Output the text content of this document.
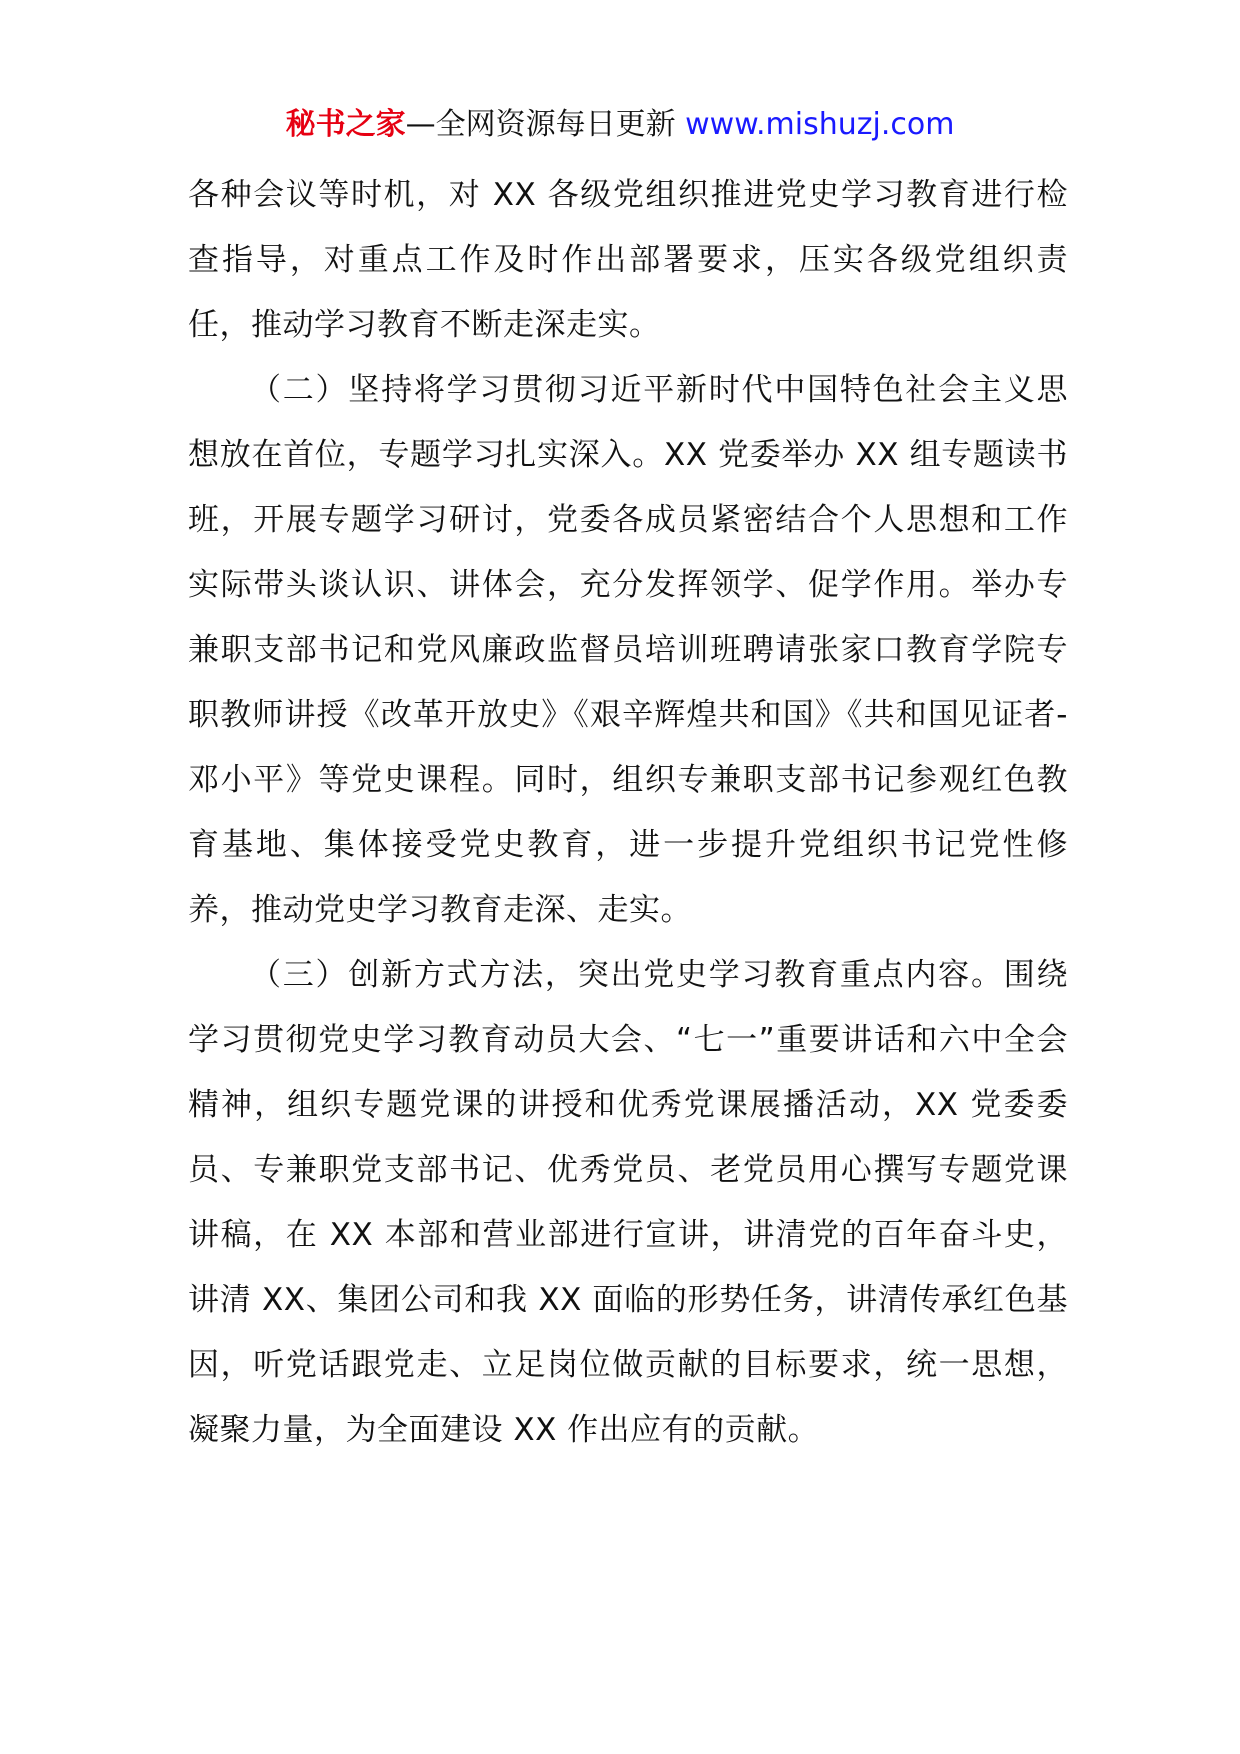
秘书之家—全网资源每日更新 www.mishuzj.com

各种会议等时机，对 XX 各级党组织推进党史学习教育进行检查指导，对重点工作及时作出部署要求，压实各级党组织责任，推动学习教育不断走深走实。

（二）坚持将学习贯彻习近平新时代中国特色社会主义思想放在首位，专题学习扎实深入。XX 党委举办 XX 组专题读书班，开展专题学习研讨，党委各成员紧密结合个人思想和工作实际带头谈认识、讲体会，充分发挥领学、促学作用。举办专兼职支部书记和党风廉政监督员培训班聘请张家口教育学院专职教师讲授《改革开放史》《艰辛辉煌共和国》《共和国见证者-邓小平》等党史课程。同时，组织专兼职支部书记参观红色教育基地、集体接受党史教育，进一步提升党组织书记党性修养，推动党史学习教育走深、走实。

（三）创新方式方法，突出党史学习教育重点内容。围绕学习贯彻党史学习教育动员大会、“七一”重要讲话和六中全会精神，组织专题党课的讲授和优秀党课展播活动，XX 党委委员、专兼职党支部书记、优秀党员、老党员用心撰写专题党课讲稿，在 XX 本部和营业部进行宣讲，讲清党的百年奋斗史，讲清 XX、集团公司和我 XX 面临的形势任务，讲清传承红色基因，听党话跟党走、立足岗位做贡献的目标要求，统一思想，凝聚力量，为全面建设 XX 作出应有的贡献。
